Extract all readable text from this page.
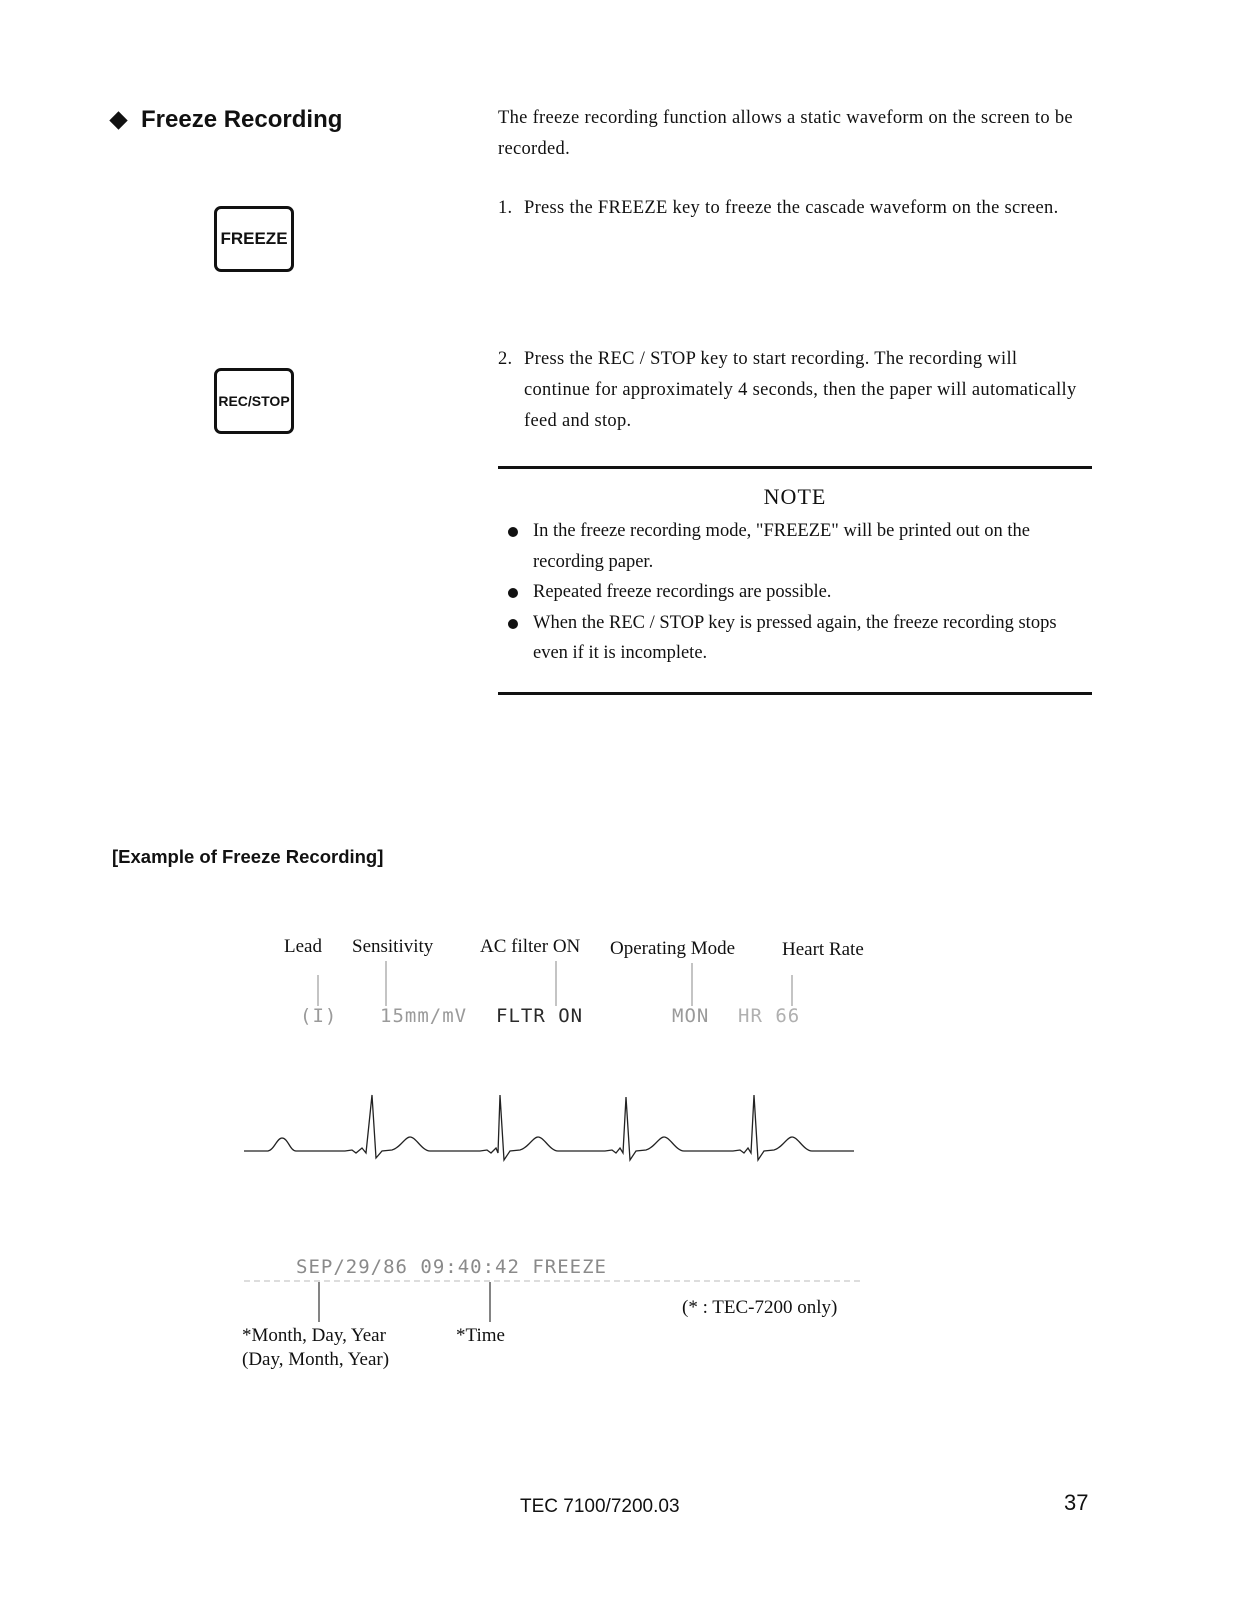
Freeze Recording
FREEZE
REC/STOP
The freeze recording function allows a static waveform on the screen to be recorded.
1. Press the FREEZE key to freeze the cascade waveform on the screen.
2. Press the REC / STOP key to start recording. The recording will continue for approximately 4 seconds, then the paper will automatically feed and stop.
NOTE
In the freeze recording mode, "FREEZE" will be printed out on the recording paper.
Repeated freeze recordings are possible.
When the REC / STOP key is pressed again, the freeze recording stops even if it is incomplete.
[Example of Freeze Recording]
Lead Sensitivity AC filter ON Operating Mode Heart Rate
(I) 15mm/mV FLTR ON	MON HR 66
SEP/29/86 09:40:42 FREEZE
*Month, Day, Year
(Day, Month, Year)
*Time
(* : TEC-7200 only)
TEC 7100/7200.03	37
